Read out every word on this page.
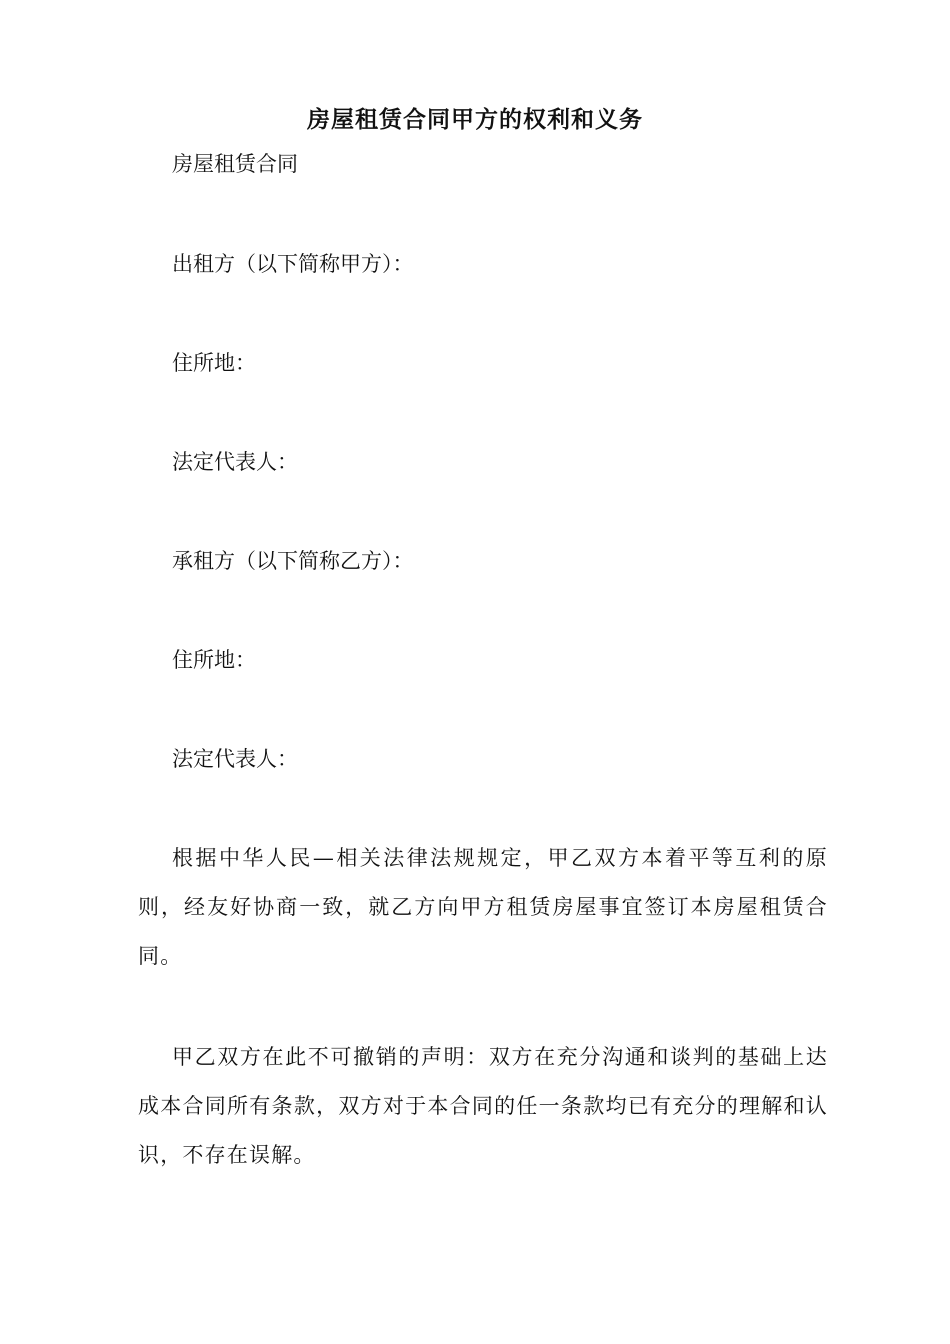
房屋租赁合同甲方的权利和义务

房屋租赁合同

出租方（以下简称甲方）：

住所地：

法定代表人：

承租方（以下简称乙方）：

住所地：

法定代表人：

根据中华人民—相关法律法规规定，甲乙双方本着平等互利的原则，经友好协商一致，就乙方向甲方租赁房屋事宜签订本房屋租赁合同。

甲乙双方在此不可撤销的声明：双方在充分沟通和谈判的基础上达成本合同所有条款，双方对于本合同的任一条款均已有充分的理解和认识，不存在误解。
